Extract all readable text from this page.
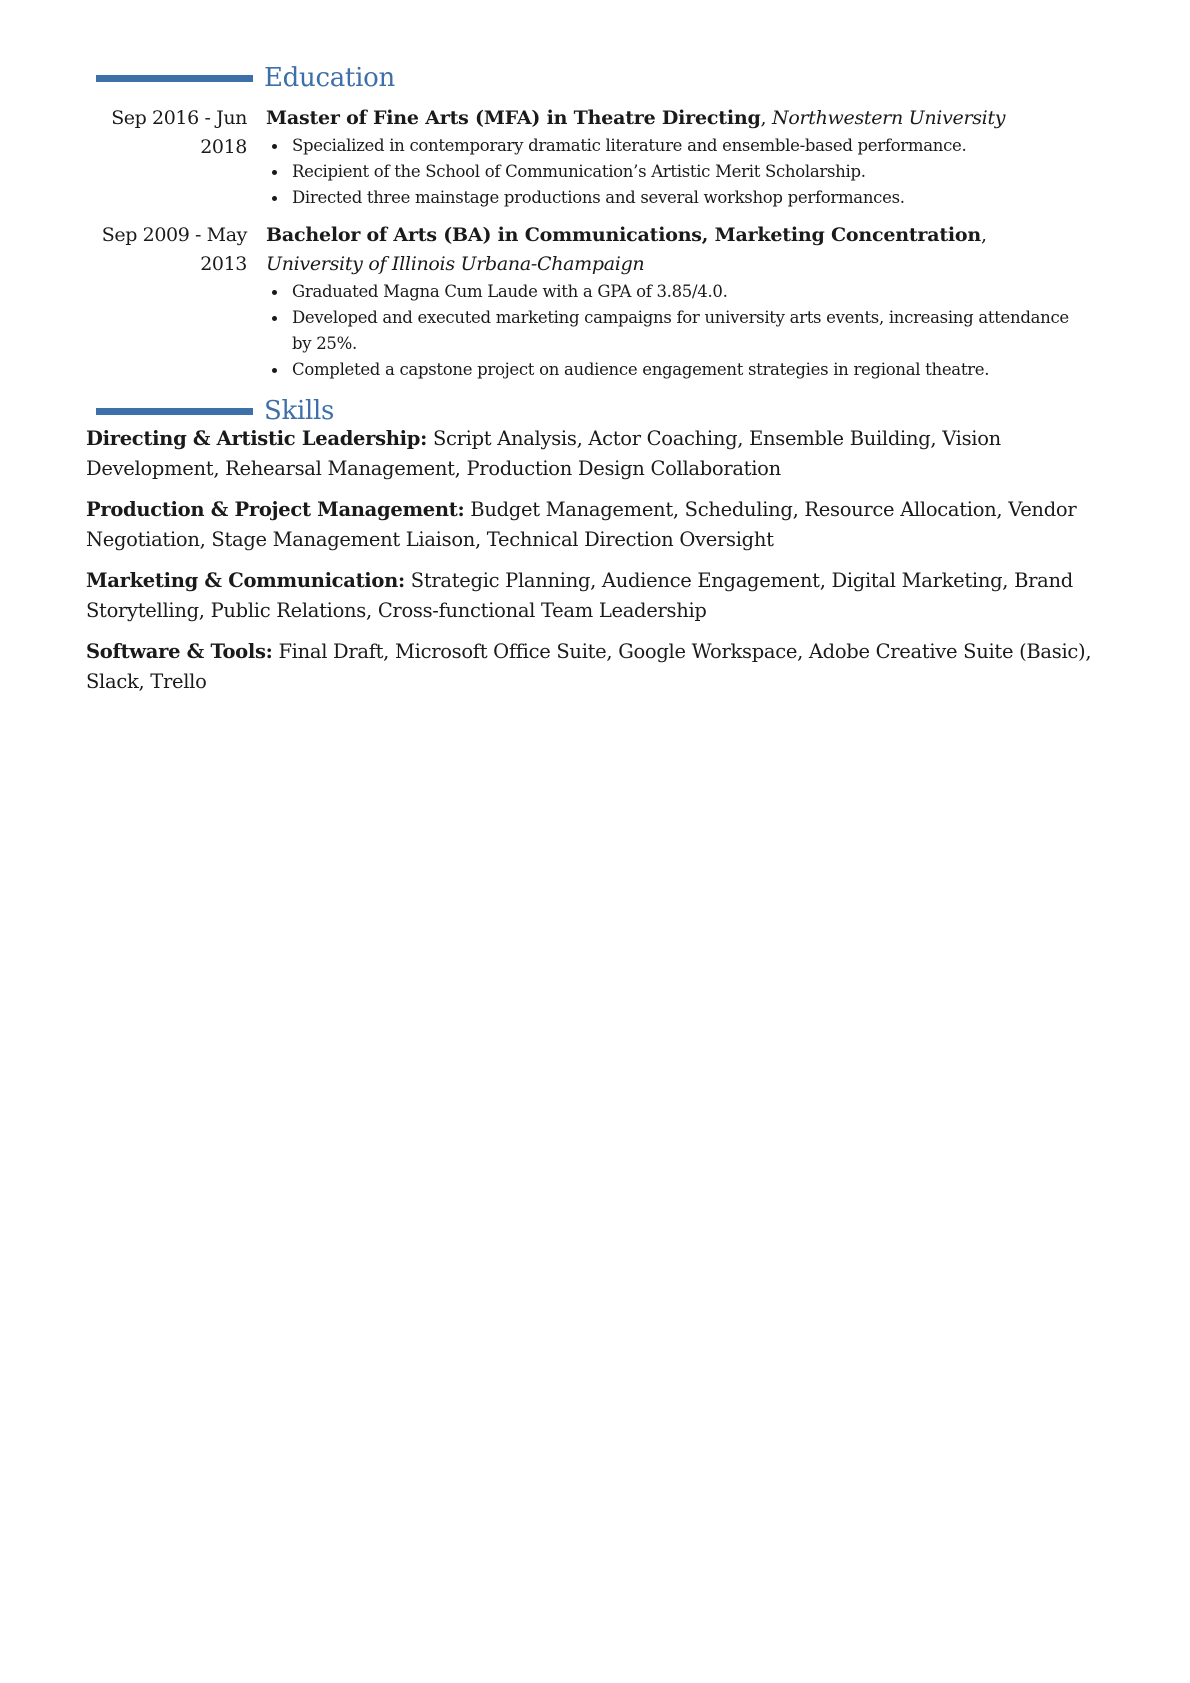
Education
Sep 2016 - Jun 2018
Master of Fine Arts (MFA) in Theatre Directing, Northwestern University
Specialized in contemporary dramatic literature and ensemble-based performance.
Recipient of the School of Communication’s Artistic Merit Scholarship.
Directed three mainstage productions and several workshop performances.
Sep 2009 - May 2013
Bachelor of Arts (BA) in Communications, Marketing Concentration, University of Illinois Urbana-Champaign
Graduated Magna Cum Laude with a GPA of 3.85/4.0.
Developed and executed marketing campaigns for university arts events, increasing attendance by 25%.
Completed a capstone project on audience engagement strategies in regional theatre.
Skills
Directing & Artistic Leadership: Script Analysis, Actor Coaching, Ensemble Building, Vision Development, Rehearsal Management, Production Design Collaboration
Production & Project Management: Budget Management, Scheduling, Resource Allocation, Vendor Negotiation, Stage Management Liaison, Technical Direction Oversight
Marketing & Communication: Strategic Planning, Audience Engagement, Digital Marketing, Brand Storytelling, Public Relations, Cross-functional Team Leadership
Software & Tools: Final Draft, Microsoft Office Suite, Google Workspace, Adobe Creative Suite (Basic), Slack, Trello
